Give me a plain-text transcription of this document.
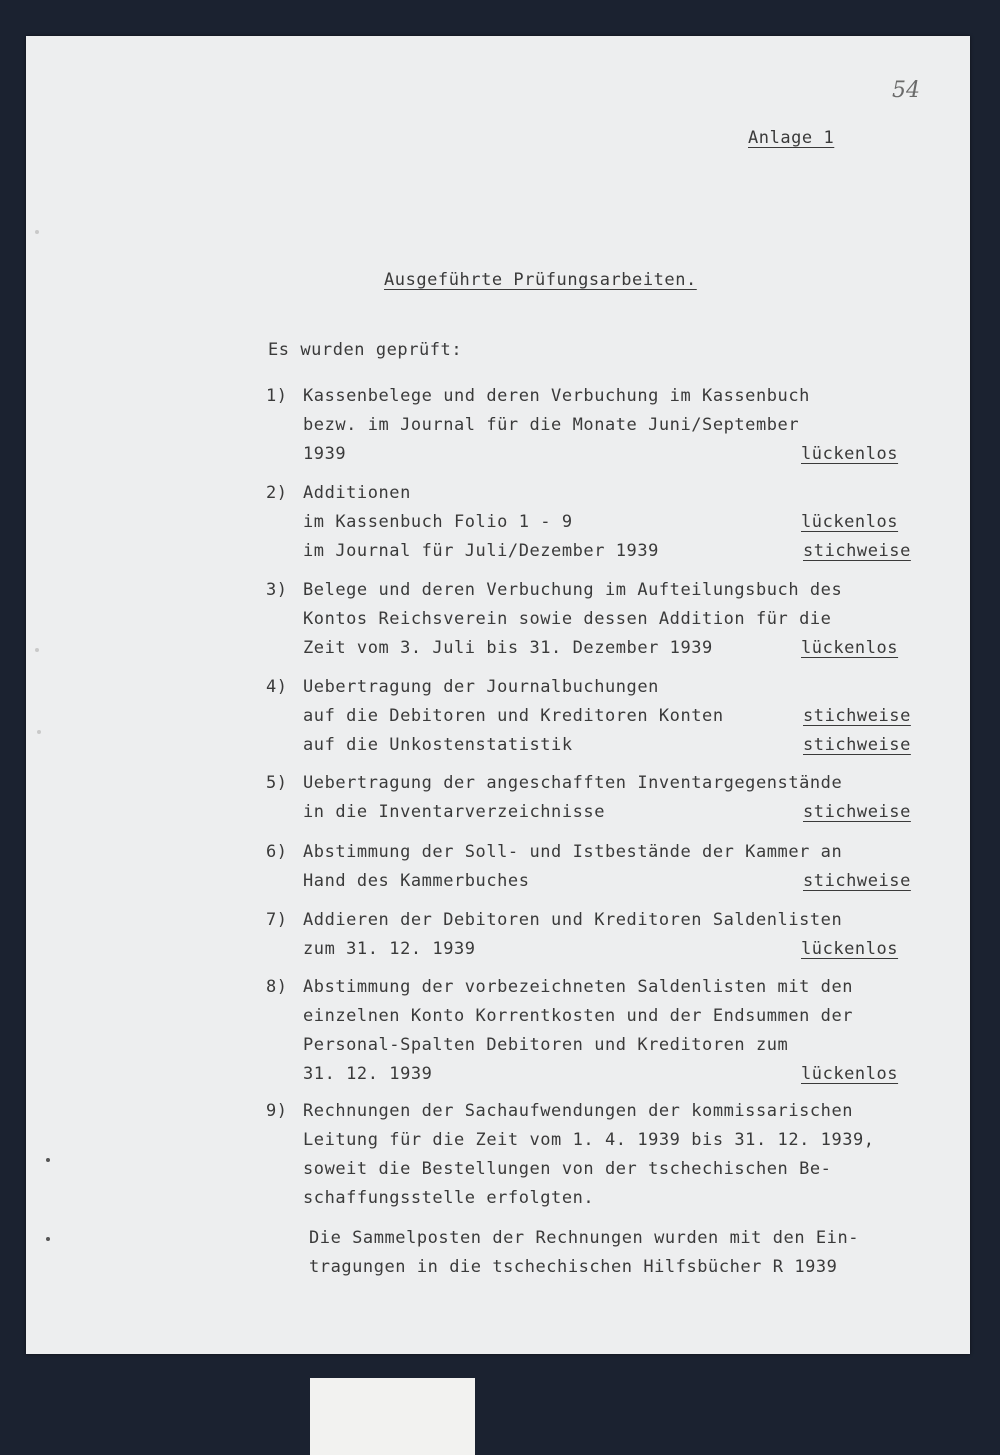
54

Anlage 1

Ausgeführte Prüfungsarbeiten.

Es wurden geprüft:

1) Kassenbelege und deren Verbuchung im Kassenbuch

bezw. im Journal für die Monate Juni/September

1939	lückenlos

2) Additionen

im Kassenbuch Folio 1 - 9	lückenlos

im Journal für Juli/Dezember 1939	stichweise

3) Belege und deren Verbuchung im Aufteilungsbuch des

Kontos Reichsverein sowie dessen Addition für die

Zeit vom 3. Juli bis 31. Dezember 1939	lückenlos

4) Uebertragung der Journalbuchungen

auf die Debitoren und Kreditoren Konten	stichweise

auf die Unkostenstatistik	stichweise

5) Uebertragung der angeschafften Inventargegenstände

in die Inventarverzeichnisse	stichweise

6) Abstimmung der Soll- und Istbestände der Kammer an

Hand des Kammerbuches	stichweise

7) Addieren der Debitoren und Kreditoren Saldenlisten

zum 31. 12. 1939	lückenlos

8) Abstimmung der vorbezeichneten Saldenlisten mit den

einzelnen Konto Korrentkosten und der Endsummen der

Personal-Spalten Debitoren und Kreditoren zum

31. 12. 1939	lückenlos

9) Rechnungen der Sachaufwendungen der kommissarischen

Leitung für die Zeit vom 1. 4. 1939 bis 31. 12. 1939,

soweit die Bestellungen von der tschechischen Be-

schaffungsstelle erfolgten.

Die Sammelposten der Rechnungen wurden mit den Ein-

tragungen in die tschechischen Hilfsbücher R 1939
